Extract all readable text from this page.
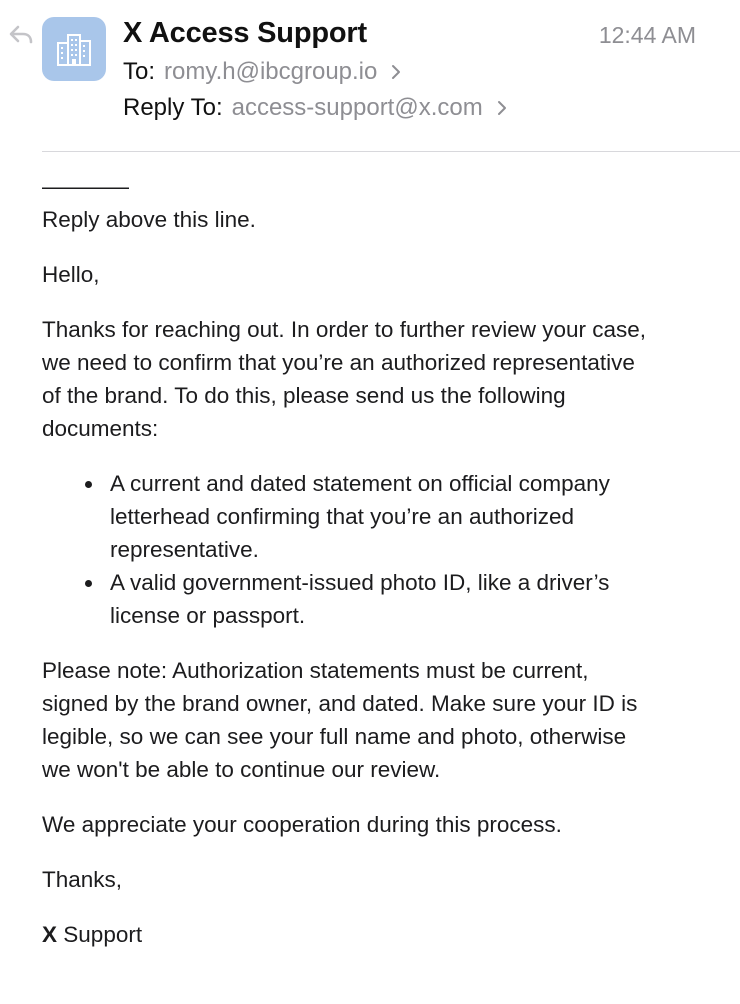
X Access Support	12:44 AM
To: romy.h@ibcgroup.io
Reply To: access-support@x.com

————

Reply above this line.

Hello,

Thanks for reaching out. In order to further review your case,
we need to confirm that you’re an authorized representative
of the brand. To do this, please send us the following
documents:

A current and dated statement on official company
letterhead confirming that you’re an authorized
representative.
A valid government-issued photo ID, like a driver’s
license or passport.

Please note: Authorization statements must be current,
signed by the brand owner, and dated. Make sure your ID is
legible, so we can see your full name and photo, otherwise
we won't be able to continue our review.

We appreciate your cooperation during this process.

Thanks,

X Support
